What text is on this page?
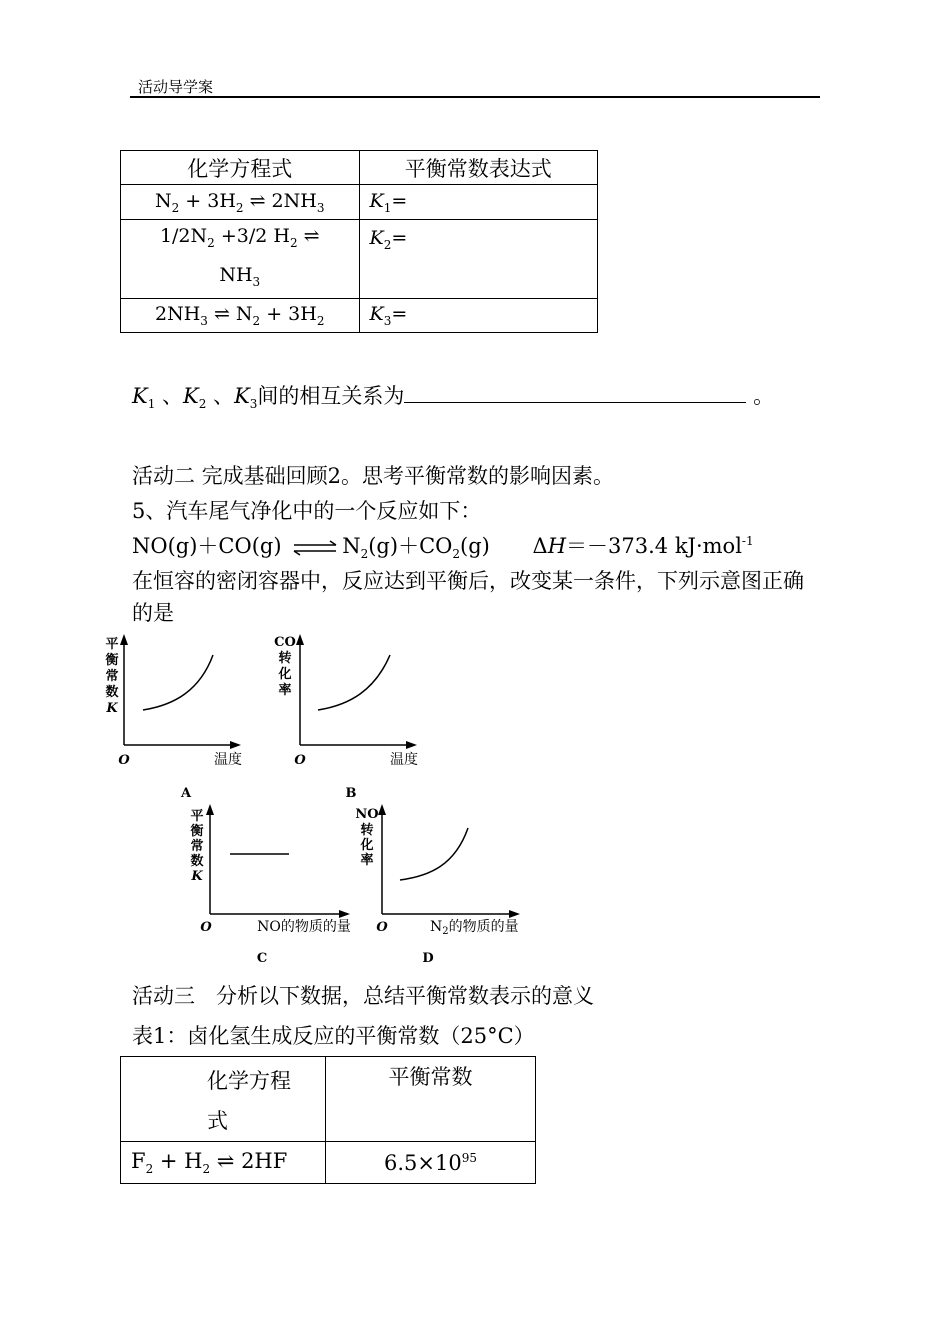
活动导学案
化学方程式	平衡常数表达式
$N_2 + 3H_2$ ⇌ $2NH_3$	$K_1=$
$1/2N_2 +3/2$ $H_2$ ⇌
$NH_3$	$K_2=$
$2NH_3$ ⇌ $N_2 + 3H_2$	$K_3=$
$K_1$ 、$K_2$ 、$K_3$间的相互关系为	。
活动二 完成基础回顾2。思考平衡常数的影响因素。
5、汽车尾气净化中的一个反应如下：
NO(g)＋CO(g) ⇌ $N_2(g)+CO_2(g)$ ΔH＝－373.4 kJ·mol$^{-1}$
在恒容的密闭容器中，反应达到平衡后，改变某一条件，下列示意图正确
的是
平
衡
常
数
K
O	温度
A
CO
转
化
率
O	温度
B
平
衡
常
数
K
O	NO的物质的量
C
NO
转
化
率
O	$N_2$的物质的量
D
活动三　分析以下数据，总结平衡常数表示的意义
表1：卤化氢生成反应的平衡常数（25°C）
化学方程
式	平衡常数

$F_2 + H_2$ ⇌ 2HF	$6.5\times 10^{95}$
